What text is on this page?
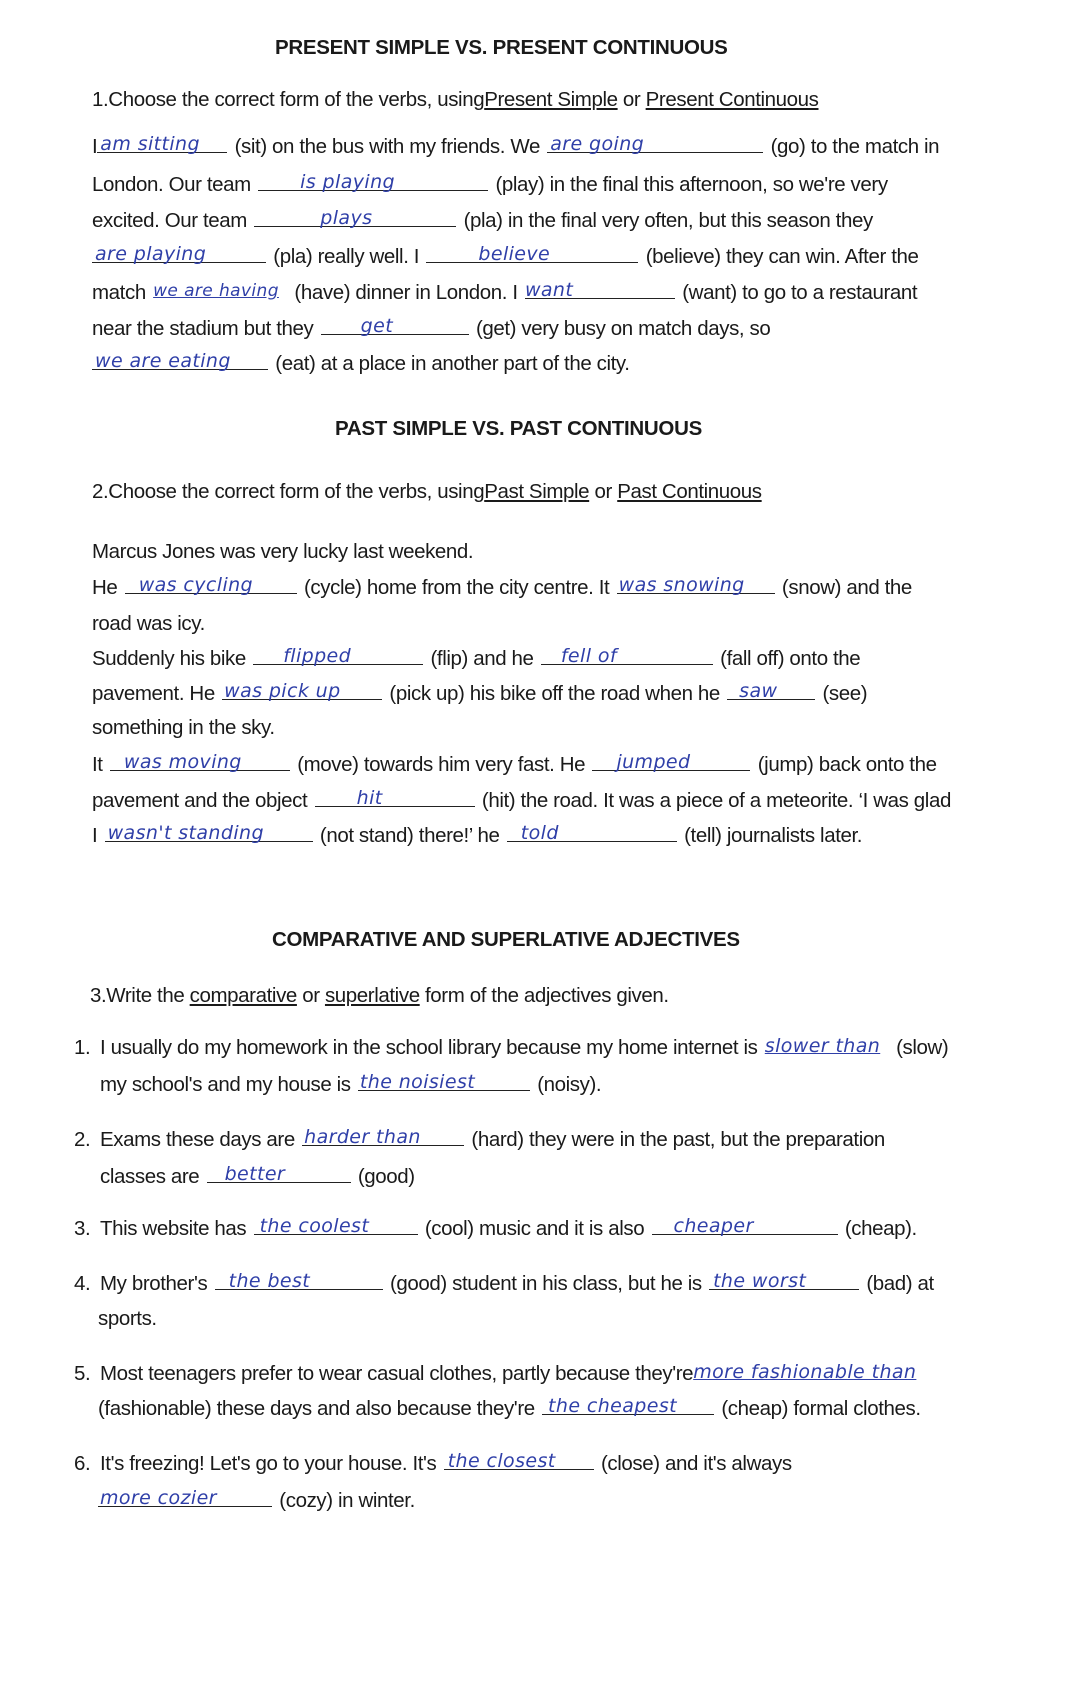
PRESENT SIMPLE VS. PRESENT CONTINUOUS
1.Choose the correct form of the verbs, usingPresent Simple or Present Continuous
I am sitting (sit) on the bus with my friends. We are going	(go) to the match in
London. Our team	is playing	(play) in the final this afternoon, so we're very
excited. Our team	plays	(pla) in the final very often, but this season they
are playing	(pla) really well. I	believe	(believe) they can win. After the
match we are having (have) dinner in London. I want	(want) to go to a restaurant
near the stadium but they get	(get) very busy on match days, so
we are eating (eat) at a place in another part of the city.
PAST SIMPLE VS. PAST CONTINUOUS
2.Choose the correct form of the verbs, usingPast Simple or Past Continuous
Marcus Jones was very lucky last weekend.
He was cycling (cycle) home from the city centre. It was snowing (snow) and the
road was icy.
Suddenly his bike flipped	(flip) and he fell of	(fall off) onto the
pavement. He was pick up (pick up) his bike off the road when he saw (see)
something in the sky.
It was moving	(move) towards him very fast. He jumped	(jump) back onto the
pavement and the object	hit	(hit) the road. It was a piece of a meteorite. ‘I was glad
I wasn't standing	(not stand) there!’ he told	(tell) journalists later.
COMPARATIVE AND SUPERLATIVE ADJECTIVES
3.Write the comparative or superlative form of the adjectives given.
1. I usually do my homework in the school library because my home internet is slower than (slow)
my school's and my house is the noisiest	(noisy).
2. Exams these days are harder than (hard) they were in the past, but the preparation
classes are better	(good)
3. This website has the coolest	(cool) music and it is also cheaper	(cheap).
4. My brother's the best	(good) student in his class, but he is the worst	(bad) at
sports.
5. Most teenagers prefer to wear casual clothes, partly because they're more fashionable than
(fashionable) these days and also because they're the cheapest (cheap) formal clothes.
6. It's freezing! Let's go to your house. It's the closest (close) and it's always
more cozier	(cozy) in winter.
